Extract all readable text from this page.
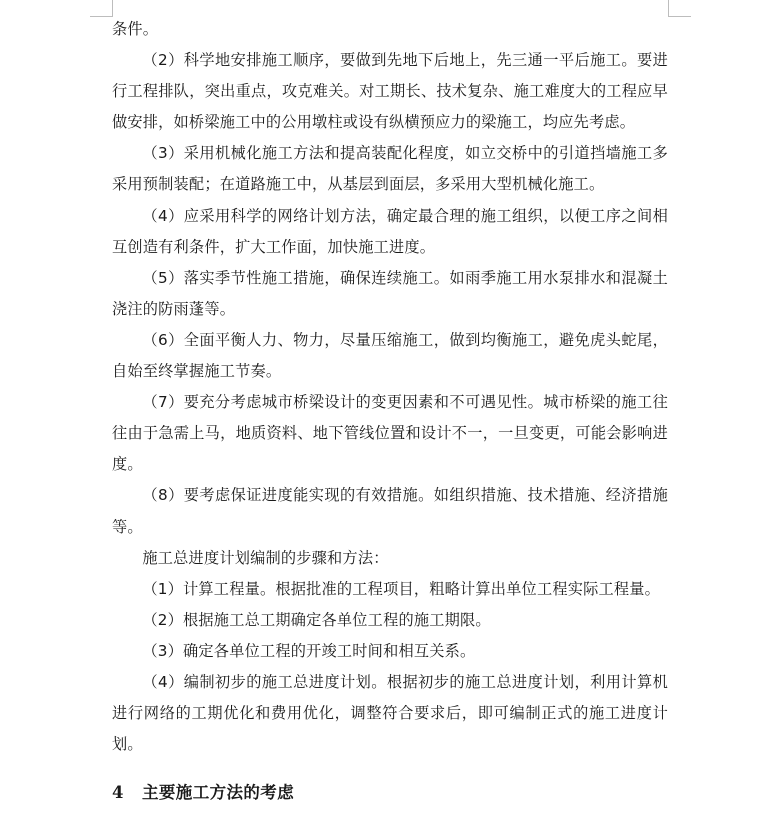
条件。

（2）科学地安排施工顺序，要做到先地下后地上，先三通一平后施工。要进行工程排队，突出重点，攻克难关。对工期长、技术复杂、施工难度大的工程应早做安排，如桥梁施工中的公用墩柱或设有纵横预应力的梁施工，均应先考虑。

（3）采用机械化施工方法和提高装配化程度，如立交桥中的引道挡墙施工多采用预制装配；在道路施工中，从基层到面层，多采用大型机械化施工。

（4）应采用科学的网络计划方法，确定最合理的施工组织，以便工序之间相互创造有利条件，扩大工作面，加快施工进度。

（5）落实季节性施工措施，确保连续施工。如雨季施工用水泵排水和混凝土浇注的防雨蓬等。

（6）全面平衡人力、物力，尽量压缩施工，做到均衡施工，避免虎头蛇尾，自始至终掌握施工节奏。

（7）要充分考虑城市桥梁设计的变更因素和不可遇见性。城市桥梁的施工往往由于急需上马，地质资料、地下管线位置和设计不一，一旦变更，可能会影响进度。

（8）要考虑保证进度能实现的有效措施。如组织措施、技术措施、经济措施等。

施工总进度计划编制的步骤和方法：

（1）计算工程量。根据批准的工程项目，粗略计算出单位工程实际工程量。

（2）根据施工总工期确定各单位工程的施工期限。

（3）确定各单位工程的开竣工时间和相互关系。

（4）编制初步的施工总进度计划。根据初步的施工总进度计划，利用计算机进行网络的工期优化和费用优化，调整符合要求后，即可编制正式的施工进度计划。

4 主要施工方法的考虑
